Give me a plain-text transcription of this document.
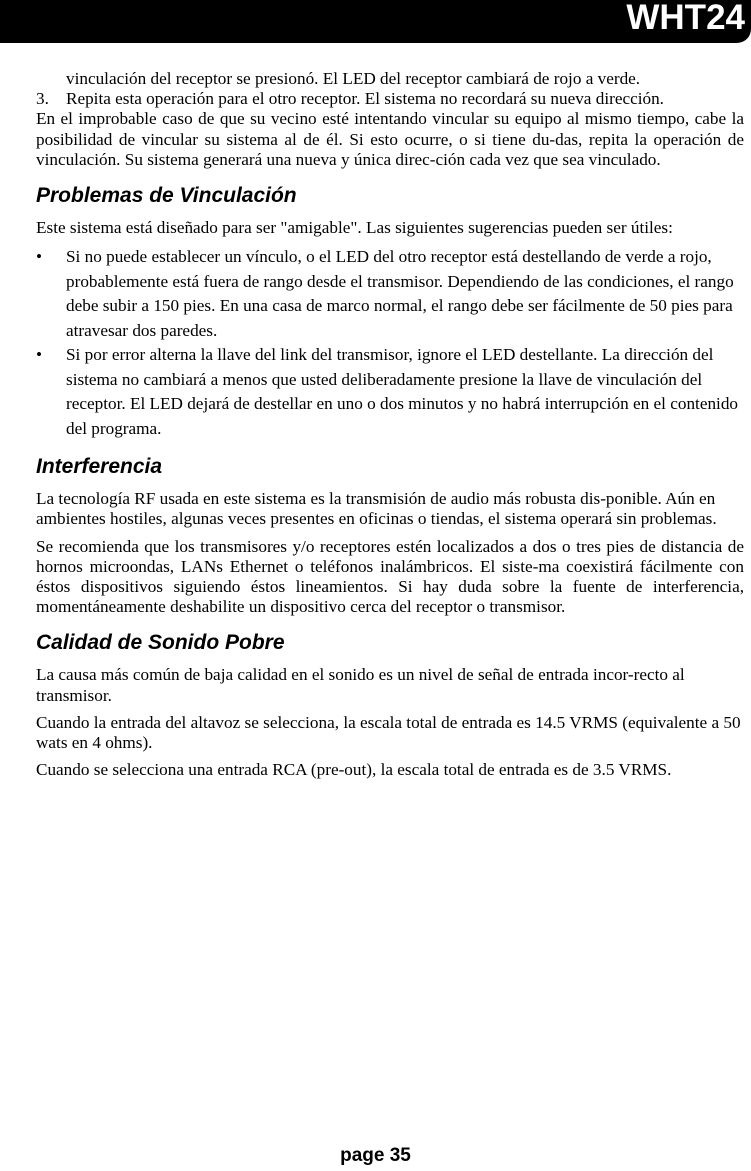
WHT24

vinculación del receptor se presionó. El LED del receptor cambiará de rojo a verde.

3. Repita esta operación para el otro receptor. El sistema no recordará su nueva dirección.

En el improbable caso de que su vecino esté intentando vincular su equipo al mismo tiempo, cabe la posibilidad de vincular su sistema al de él. Si esto ocurre, o si tiene du-das, repita la operación de vinculación. Su sistema generará una nueva y única direc-ción cada vez que sea vinculado.

Problemas de Vinculación

Este sistema está diseñado para ser "amigable". Las siguientes sugerencias pueden ser útiles:

• Si no puede establecer un vínculo, o el LED del otro receptor está destellando de verde a rojo, probablemente está fuera de rango desde el transmisor. Dependiendo de las condiciones, el rango debe subir a 150 pies. En una casa de marco normal, el rango debe ser fácilmente de 50 pies para atravesar dos paredes.
• Si por error alterna la llave del link del transmisor, ignore el LED destellante. La dirección del sistema no cambiará a menos que usted deliberadamente presione la llave de vinculación del receptor. El LED dejará de destellar en uno o dos minutos y no habrá interrupción en el contenido del programa.
Interferencia

La tecnología RF usada en este sistema es la transmisión de audio más robusta dis-ponible. Aún en ambientes hostiles, algunas veces presentes en oficinas o tiendas, el sistema operará sin problemas.

Se recomienda que los transmisores y/o receptores estén localizados a dos o tres pies de distancia de hornos microondas, LANs Ethernet o teléfonos inalámbricos. El siste-ma coexistirá fácilmente con éstos dispositivos siguiendo éstos lineamientos. Si hay duda sobre la fuente de interferencia, momentáneamente deshabilite un dispositivo cerca del receptor o transmisor.

Calidad de Sonido Pobre

La causa más común de baja calidad en el sonido es un nivel de señal de entrada incor-recto al transmisor.

Cuando la entrada del altavoz se selecciona, la escala total de entrada es 14.5 VRMS (equivalente a 50 wats en 4 ohms).

Cuando se selecciona una entrada RCA (pre-out), la escala total de entrada es de 3.5 VRMS.

page 35
